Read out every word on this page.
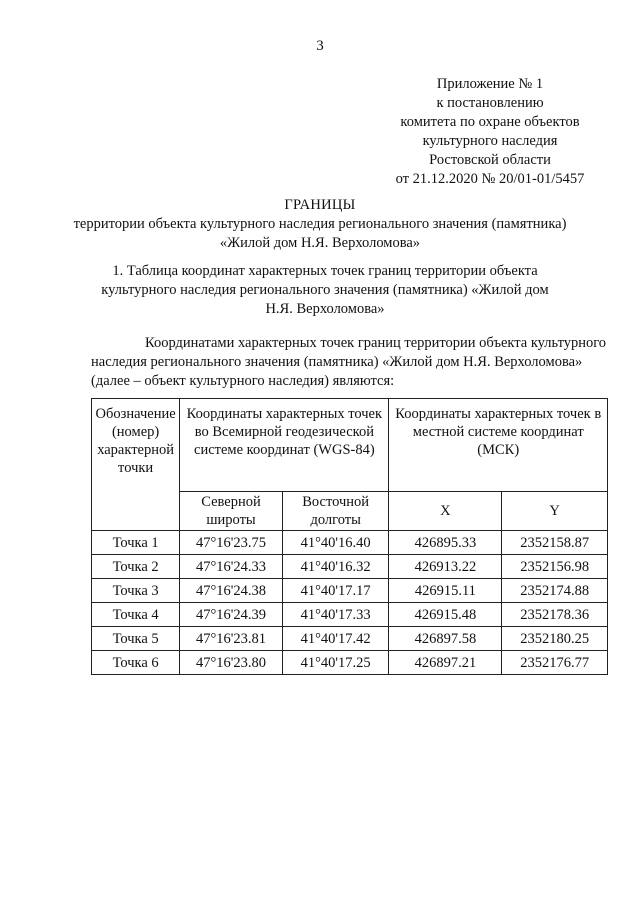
3
Приложение № 1
к постановлению
комитета по охране объектов
культурного наследия
Ростовской области
от 21.12.2020 № 20/01-01/5457
ГРАНИЦЫ
территории объекта культурного наследия регионального значения (памятника)
«Жилой дом Н.Я. Верхоломова»
1. Таблица координат характерных точек границ территории объекта
культурного наследия регионального значения (памятника) «Жилой дом
Н.Я. Верхоломова»
Координатами характерных точек границ территории объекта культурного
наследия регионального значения (памятника) «Жилой дом Н.Я. Верхоломова»
(далее – объект культурного наследия) являются:
Обозначение (номер) характерной точки	Координаты характерных точек во Всемирной геодезической системе координат (WGS-84)		Координаты характерных точек в местной системе координат (МСК)	
	Северной широты	Восточной долготы	X	Y
Точка 1	47°16'23.75	41°40'16.40	426895.33	2352158.87
Точка 2	47°16'24.33	41°40'16.32	426913.22	2352156.98
Точка 3	47°16'24.38	41°40'17.17	426915.11	2352174.88
Точка 4	47°16'24.39	41°40'17.33	426915.48	2352178.36
Точка 5	47°16'23.81	41°40'17.42	426897.58	2352180.25
Точка 6	47°16'23.80	41°40'17.25	426897.21	2352176.77
